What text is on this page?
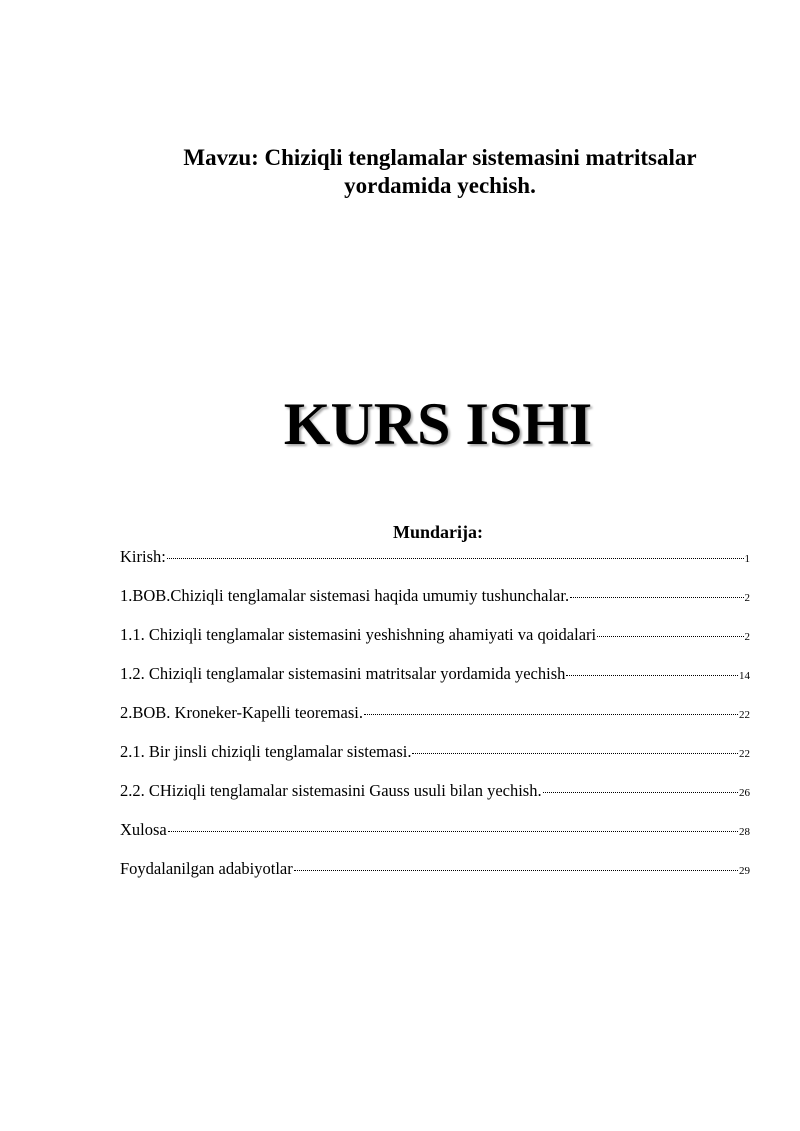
Mavzu: Chiziqli tenglamalar sistemasini matritsalar
yordamida yechish.
KURS ISHI
Mundarija:
Kirish:	1
1.BOB.Chiziqli tenglamalar sistemasi haqida umumiy tushunchalar.	2
1.1. Chiziqli tenglamalar sistemasini yeshishning ahamiyati va qoidalari	2
1.2. Chiziqli tenglamalar sistemasini matritsalar yordamida yechish	14
2.BOB. Kroneker-Kapelli teoremasi.	22
2.1. Bir jinsli chiziqli tenglamalar sistemasi.	22
2.2. CHiziqli tenglamalar sistemasini Gauss usuli bilan yechish.	26
Xulosa	28
Foydalanilgan adabiyotlar	29
